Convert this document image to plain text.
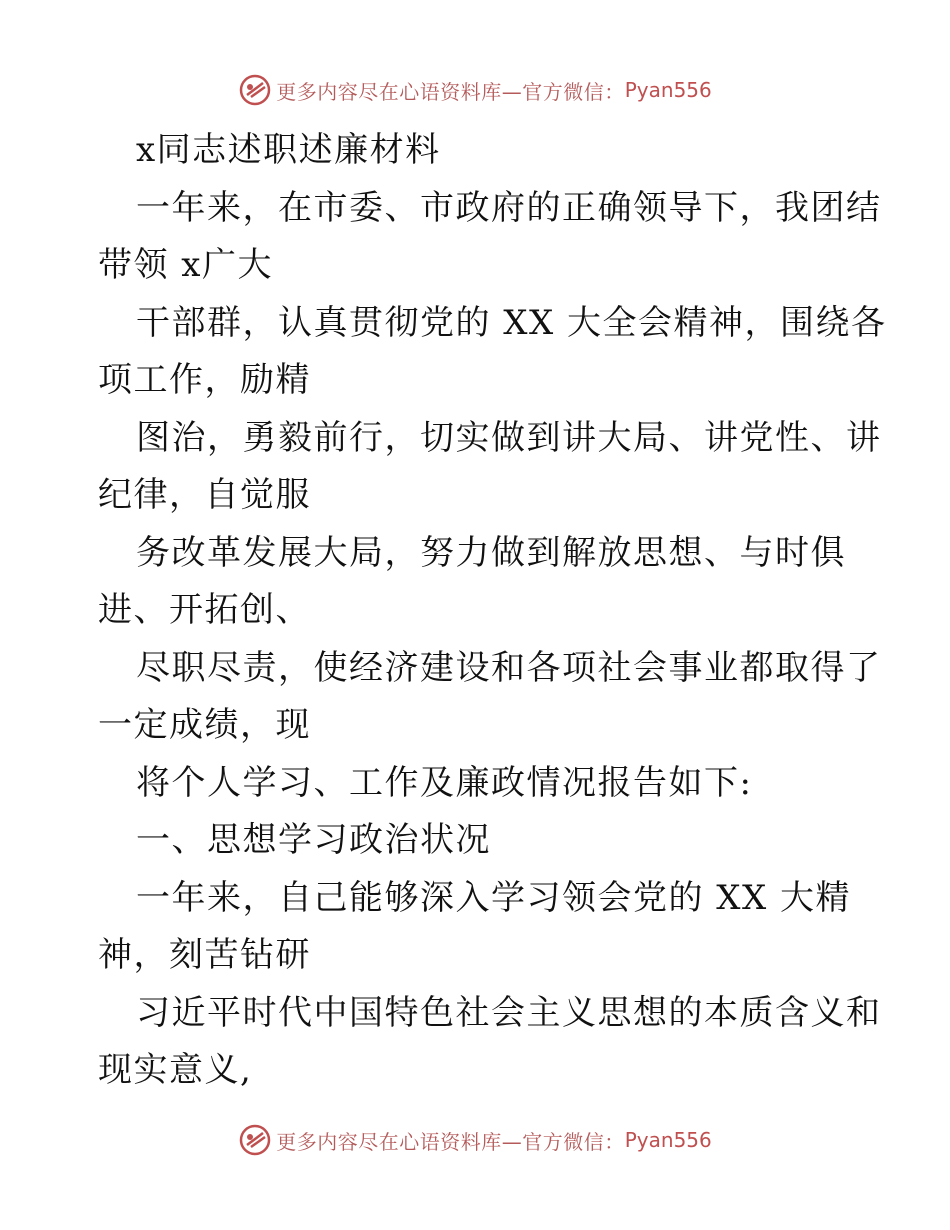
更多内容尽在心语资料库—官方微信： Pyan556
x同志述职述廉材料
一年来，在市委、市政府的正确领导下，我团结
带领 x广大
干部群，认真贯彻党的 XX 大全会精神，围绕各
项工作，励精
图治，勇毅前行，切实做到讲大局、讲党性、讲
纪律，自觉服
务改革发展大局，努力做到解放思想、与时俱
进、开拓创、
尽职尽责，使经济建设和各项社会事业都取得了
一定成绩，现
将个人学习、工作及廉政情况报告如下:
一、思想学习政治状况
一年来，自己能够深入学习领会党的 XX 大精
神，刻苦钻研
习近平时代中国特色社会主义思想的本质含义和
现实意义,
更多内容尽在心语资料库—官方微信： Pyan556
